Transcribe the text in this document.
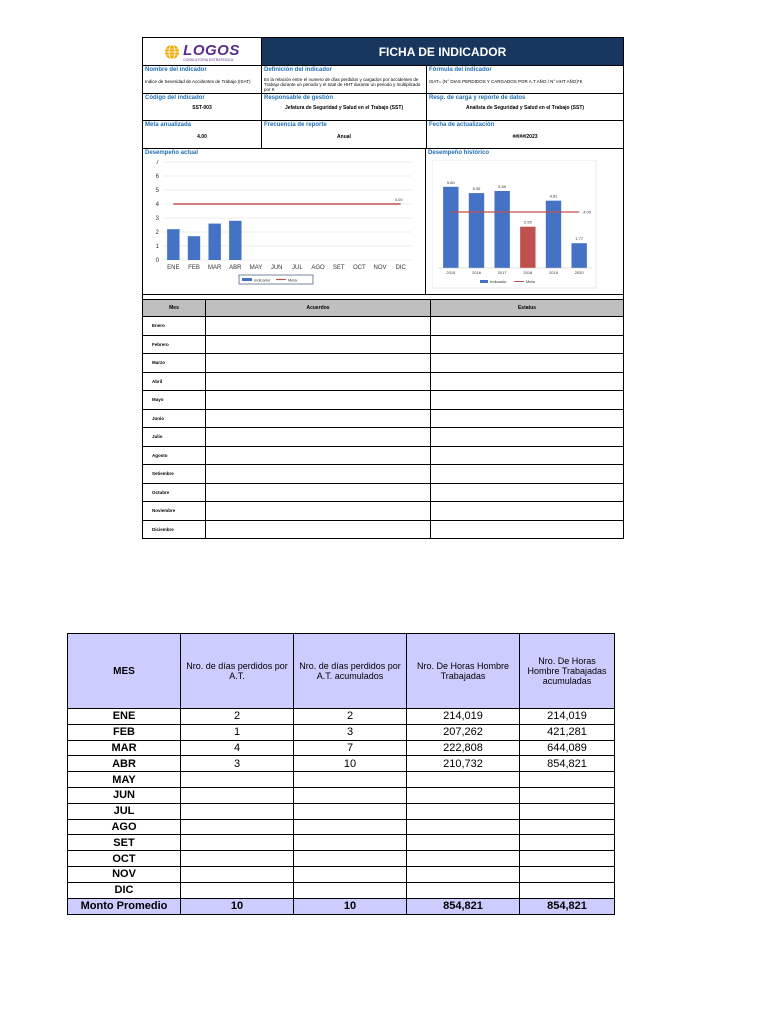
LOGOS
CONSULTORIA ESTRATEGICA
FICHA DE INDICADOR
Nombre del indicador
Indice de Severidad de Accidentes de Trabajo (ISAT)
Definición del indicador
Es la relación entre el numero de días perdidos y cargados por accidentes de Trabajo durante un periodo y el total de HHT durante un periodo y multiplicado por K
Fórmula del indicador
ISAT= (N° DIAS PERDIDOS Y CARGADOS POR A.T AÑO / N° HHT AÑO)*K
Código del indicador
SST-003
Responsable de gestión
Jefatura de Seguridad y Salud en el Trabajo (SST)
Resp. de carga y reporte de datos
Analista de Seguridad y Salud en el Trabajo (SST)
Meta anualizada
4.00
Frecuencia de reporte
Anual
Fecha de actualización
##/##/2023
Desempeño actual
0
1
2
3
4
5
6
7
ENE FEB MAR ABR MAY JUN JUL AGO SET OCT NOV DIC
4.00
Indicador	Meta
Desempeño histórico
5.80
2015
5.35
2016
5.50
2017
2.95
2018
4.81
2019
1.77
2020
4.00
Indicador	Meta
Mes	Acuerdos	Estatus
Enero		
Febrero		
Marzo		
Abril		
Mayo		
Junio		
Julio		
Agosto		
Setiembre		
Octubre		
Noviembre		
Diciembre		
MES	Nro. de días perdidos por A.T.	Nro. de días perdidos por A.T. acumulados	Nro. De Horas Hombre Trabajadas	Nro. De Horas Hombre Trabajadas acumuladas
ENE	2	2	214,019	214,019
FEB	1	3	207,262	421,281
MAR	4	7	222,808	644,089
ABR	3	10	210,732	854,821
MAY				
JUN				
JUL				
AGO				
SET				
OCT				
NOV				
DIC				
Monto Promedio	10	10	854,821	854,821
